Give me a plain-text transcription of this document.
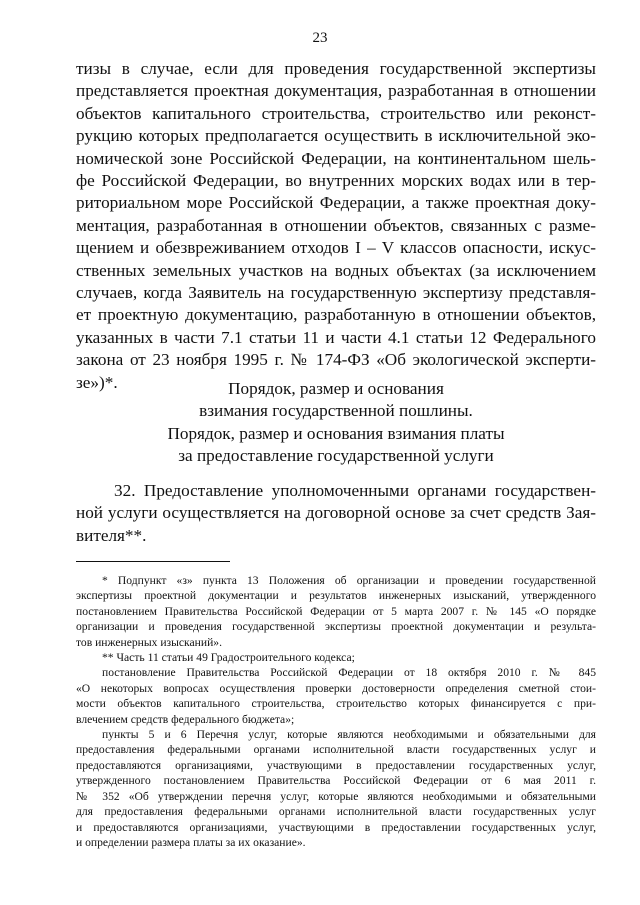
23
тизы в случае, если для проведения государственной экспертизы
представляется проектная документация, разработанная в отношении
объектов капитального строительства, строительство или реконст-
рукцию которых предполагается осуществить в исключительной эко-
номической зоне Российской Федерации, на континентальном шель-
фе Российской Федерации, во внутренних морских водах или в тер-
риториальном море Российской Федерации, а также проектная доку-
ментация, разработанная в отношении объектов, связанных с разме-
щением и обезвреживанием отходов I – V классов опасности, искус-
ственных земельных участков на водных объектах (за исключением
случаев, когда Заявитель на государственную экспертизу представля-
ет проектную документацию, разработанную в отношении объектов,
указанных в части 7.1 статьи 11 и части 4.1 статьи 12 Федерального
закона от 23 ноября 1995 г. № 174-ФЗ «Об экологической эксперти-
зе»)*.	Порядок, размер и основания
взимания государственной пошлины.
Порядок, размер и основания взимания платы
за предоставление государственной услуги
32. Предоставление уполномоченными органами государствен-
ной услуги осуществляется на договорной основе за счет средств Зая-
вителя**.
* Подпункт «з» пункта 13 Положения об организации и проведении государственной
экспертизы проектной документации и результатов инженерных изысканий, утвержденного
постановлением Правительства Российской Федерации от 5 марта 2007 г. № 145 «О порядке
организации и проведения государственной экспертизы проектной документации и результа-
тов инженерных изысканий».
** Часть 11 статьи 49 Градостроительного кодекса;
постановление Правительства Российской Федерации от 18 октября 2010 г. № 845
«О некоторых вопросах осуществления проверки достоверности определения сметной стои-
мости объектов капитального строительства, строительство которых финансируется с при-
влечением средств федерального бюджета»;
пункты 5 и 6 Перечня услуг, которые являются необходимыми и обязательными для
предоставления федеральными органами исполнительной власти государственных услуг и
предоставляются организациями, участвующими в предоставлении государственных услуг,
утвержденного постановлением Правительства Российской Федерации от 6 мая 2011 г.
№ 352 «Об утверждении перечня услуг, которые являются необходимыми и обязательными
для предоставления федеральными органами исполнительной власти государственных услуг
и предоставляются организациями, участвующими в предоставлении государственных услуг,
и определении размера платы за их оказание».
